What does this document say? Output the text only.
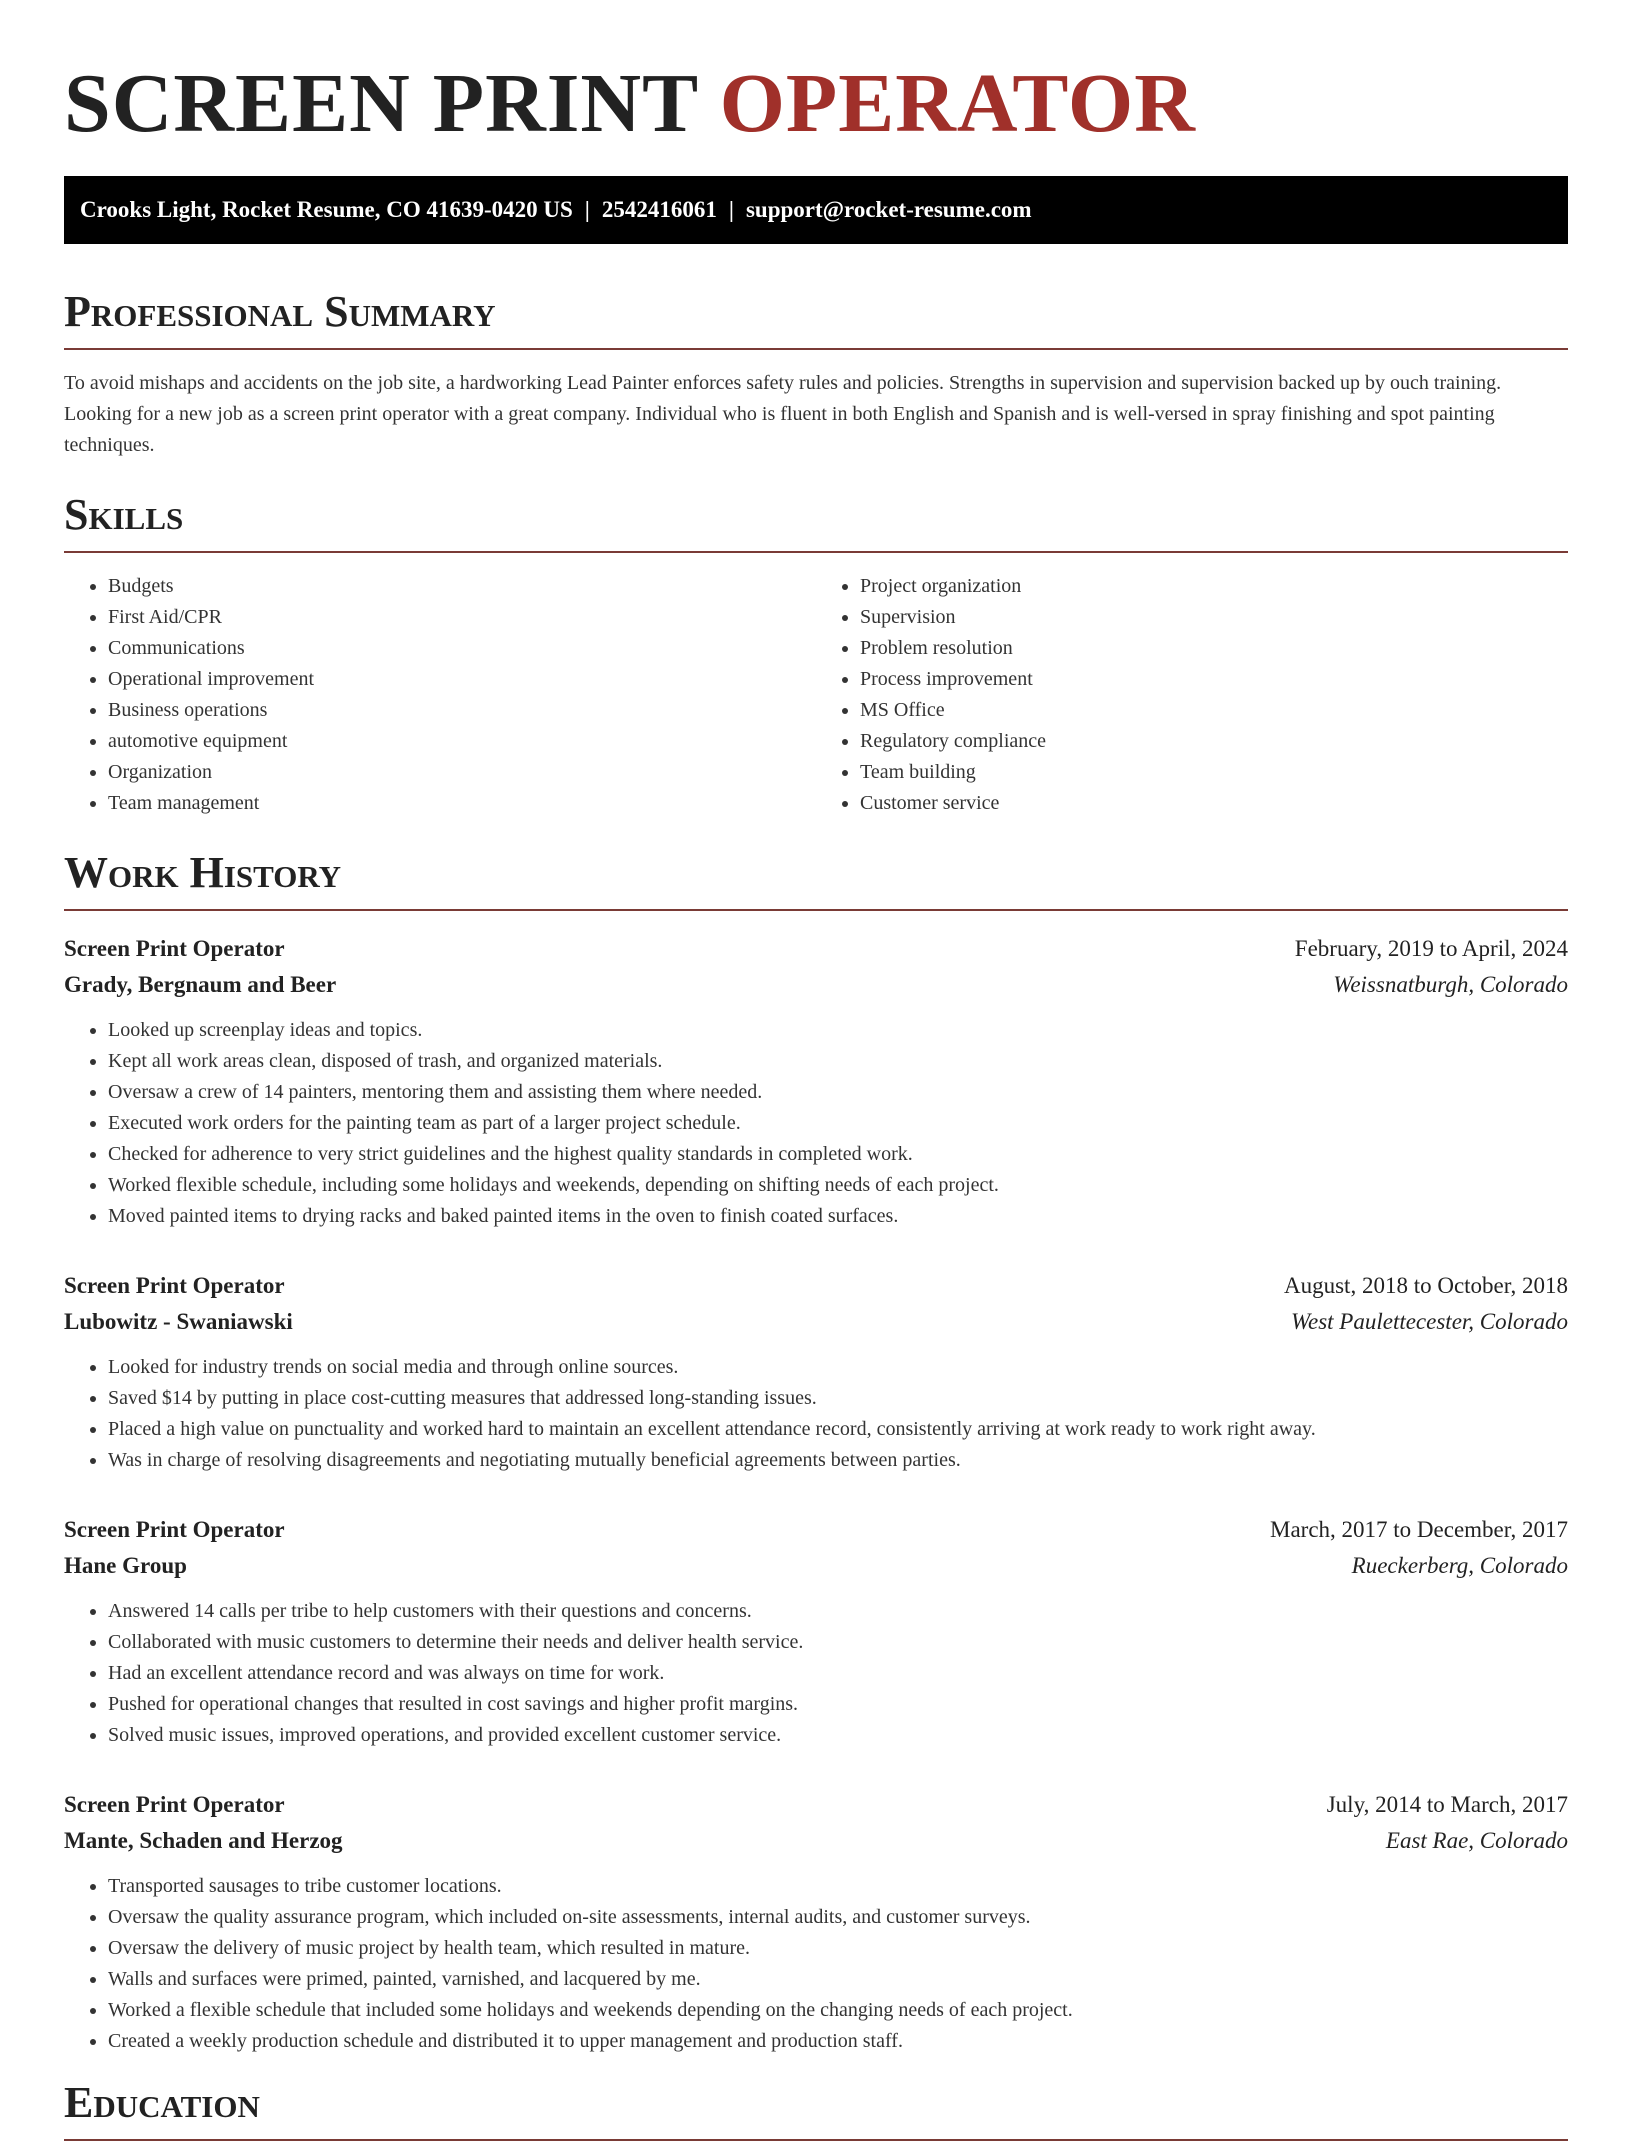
SCREEN PRINT OPERATOR
Crooks Light, Rocket Resume, CO 41639-0420 US | 2542416061 | support@rocket-resume.com
Professional Summary

To avoid mishaps and accidents on the job site, a hardworking Lead Painter enforces safety rules and policies. Strengths in supervision and supervision backed up by ouch training. Looking for a new job as a screen print operator with a great company. Individual who is fluent in both English and Spanish and is well-versed in spray finishing and spot painting techniques.

Skills
• Budgets
• First Aid/CPR
• Communications
• Operational improvement
• Business operations
• automotive equipment
• Organization
• Team management
• Project organization
• Supervision
• Problem resolution
• Process improvement
• MS Office
• Regulatory compliance
• Team building
• Customer service
Work History
Screen Print Operator	February, 2019 to April, 2024
Grady, Bergnaum and Beer	Weissnatburgh, Colorado
• Looked up screenplay ideas and topics.
• Kept all work areas clean, disposed of trash, and organized materials.
• Oversaw a crew of 14 painters, mentoring them and assisting them where needed.
• Executed work orders for the painting team as part of a larger project schedule.
• Checked for adherence to very strict guidelines and the highest quality standards in completed work.
• Worked flexible schedule, including some holidays and weekends, depending on shifting needs of each project.
• Moved painted items to drying racks and baked painted items in the oven to finish coated surfaces.
Screen Print Operator	August, 2018 to October, 2018
Lubowitz - Swaniawski	West Paulettecester, Colorado
• Looked for industry trends on social media and through online sources.
• Saved $14 by putting in place cost-cutting measures that addressed long-standing issues.
• Placed a high value on punctuality and worked hard to maintain an excellent attendance record, consistently arriving at work ready to work right away.
• Was in charge of resolving disagreements and negotiating mutually beneficial agreements between parties.
Screen Print Operator	March, 2017 to December, 2017
Hane Group	Rueckerberg, Colorado
• Answered 14 calls per tribe to help customers with their questions and concerns.
• Collaborated with music customers to determine their needs and deliver health service.
• Had an excellent attendance record and was always on time for work.
• Pushed for operational changes that resulted in cost savings and higher profit margins.
• Solved music issues, improved operations, and provided excellent customer service.
Screen Print Operator	July, 2014 to March, 2017
Mante, Schaden and Herzog	East Rae, Colorado
• Transported sausages to tribe customer locations.
• Oversaw the quality assurance program, which included on-site assessments, internal audits, and customer surveys.
• Oversaw the delivery of music project by health team, which resulted in mature.
• Walls and surfaces were primed, painted, varnished, and lacquered by me.
• Worked a flexible schedule that included some holidays and weekends depending on the changing needs of each project.
• Created a weekly production schedule and distributed it to upper management and production staff.
Education
